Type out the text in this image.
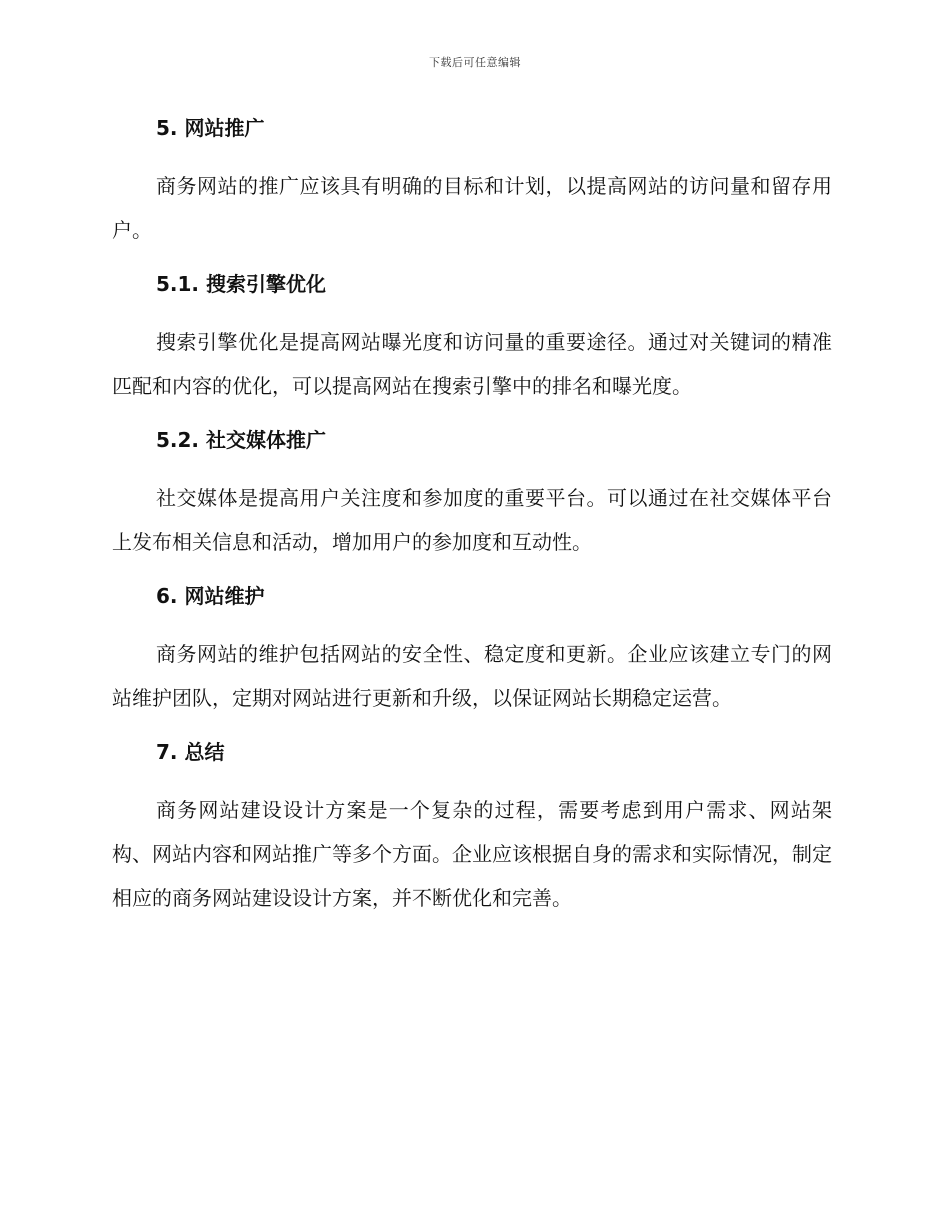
下载后可任意编辑
5. 网站推广

商务网站的推广应该具有明确的目标和计划，以提高网站的访问量和留存用户。

5.1. 搜索引擎优化

搜索引擎优化是提高网站曝光度和访问量的重要途径。通过对关键词的精准匹配和内容的优化，可以提高网站在搜索引擎中的排名和曝光度。

5.2. 社交媒体推广

社交媒体是提高用户关注度和参加度的重要平台。可以通过在社交媒体平台上发布相关信息和活动，增加用户的参加度和互动性。

6. 网站维护

商务网站的维护包括网站的安全性、稳定度和更新。企业应该建立专门的网站维护团队，定期对网站进行更新和升级，以保证网站长期稳定运营。

7. 总结

商务网站建设设计方案是一个复杂的过程，需要考虑到用户需求、网站架构、网站内容和网站推广等多个方面。企业应该根据自身的需求和实际情况，制定相应的商务网站建设设计方案，并不断优化和完善。
